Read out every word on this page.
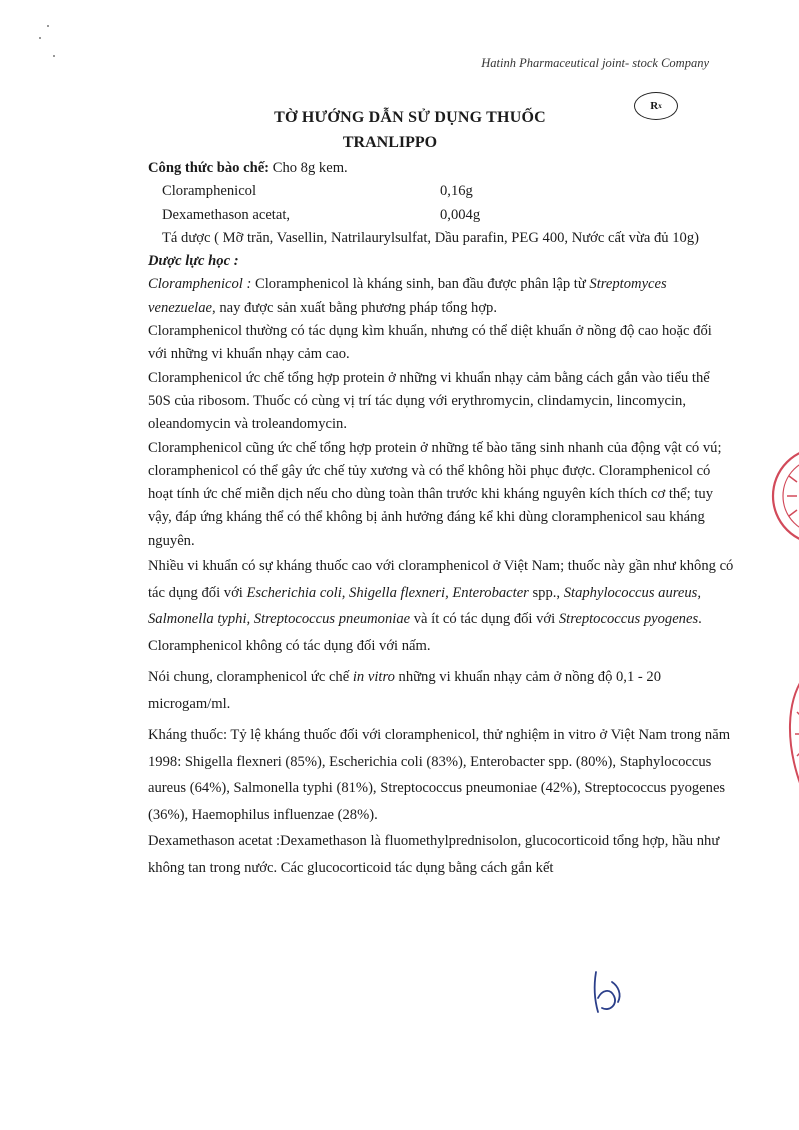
Hatinh Pharmaceutical joint- stock Company
R x
TỜ HƯỚNG DẪN SỬ DỤNG THUỐC
TRANLIPPO

Công thức bào chế: Cho 8g kem.

Cloramphenicol	0,16g
Dexamethason acetat,	0,004g

Tá dược ( Mỡ trăn, Vasellin, Natrilaurylsulfat, Dầu parafin, PEG 400, Nước cất vừa đủ 10g)

Dược lực học :

Cloramphenicol : Cloramphenicol là kháng sinh, ban đầu được phân lập từ Streptomyces venezuelae, nay được sản xuất bằng phương pháp tổng hợp.

Cloramphenicol thường có tác dụng kìm khuẩn, nhưng có thể diệt khuẩn ở nồng độ cao hoặc đối với những vi khuẩn nhạy cảm cao.

Cloramphenicol ức chế tổng hợp protein ở những vi khuẩn nhạy cảm bằng cách gắn vào tiểu thể 50S của ribosom. Thuốc có cùng vị trí tác dụng với erythromycin, clindamycin, lincomycin, oleandomycin và troleandomycin.

Cloramphenicol cũng ức chế tổng hợp protein ở những tế bào tăng sinh nhanh của động vật có vú; cloramphenicol có thể gây ức chế tủy xương và có thể không hồi phục được. Cloramphenicol có hoạt tính ức chế miễn dịch nếu cho dùng toàn thân trước khi kháng nguyên kích thích cơ thể; tuy vậy, đáp ứng kháng thể có thể không bị ảnh hưởng đáng kể khi dùng cloramphenicol sau kháng nguyên.

Nhiều vi khuẩn có sự kháng thuốc cao với cloramphenicol ở Việt Nam; thuốc này gần như không có tác dụng đối với Escherichia coli, Shigella flexneri, Enterobacter spp., Staphylococcus aureus, Salmonella typhi, Streptococcus pneumoniae và ít có tác dụng đối với Streptococcus pyogenes. Cloramphenicol không có tác dụng đối với nấm.

Nói chung, cloramphenicol ức chế in vitro những vi khuẩn nhạy cảm ở nồng độ 0,1 - 20 microgam/ml.

Kháng thuốc: Tỷ lệ kháng thuốc đối với cloramphenicol, thử nghiệm in vitro ở Việt Nam trong năm 1998: Shigella flexneri (85%), Escherichia coli (83%), Enterobacter spp. (80%), Staphylococcus aureus (64%), Salmonella typhi (81%), Streptococcus pneumoniae (42%), Streptococcus pyogenes (36%), Haemophilus influenzae (28%).

Dexamethason acetat :Dexamethason là fluomethylprednisolon, glucocorticoid tổng hợp, hầu như không tan trong nước. Các glucocorticoid tác dụng bằng cách gắn kết
